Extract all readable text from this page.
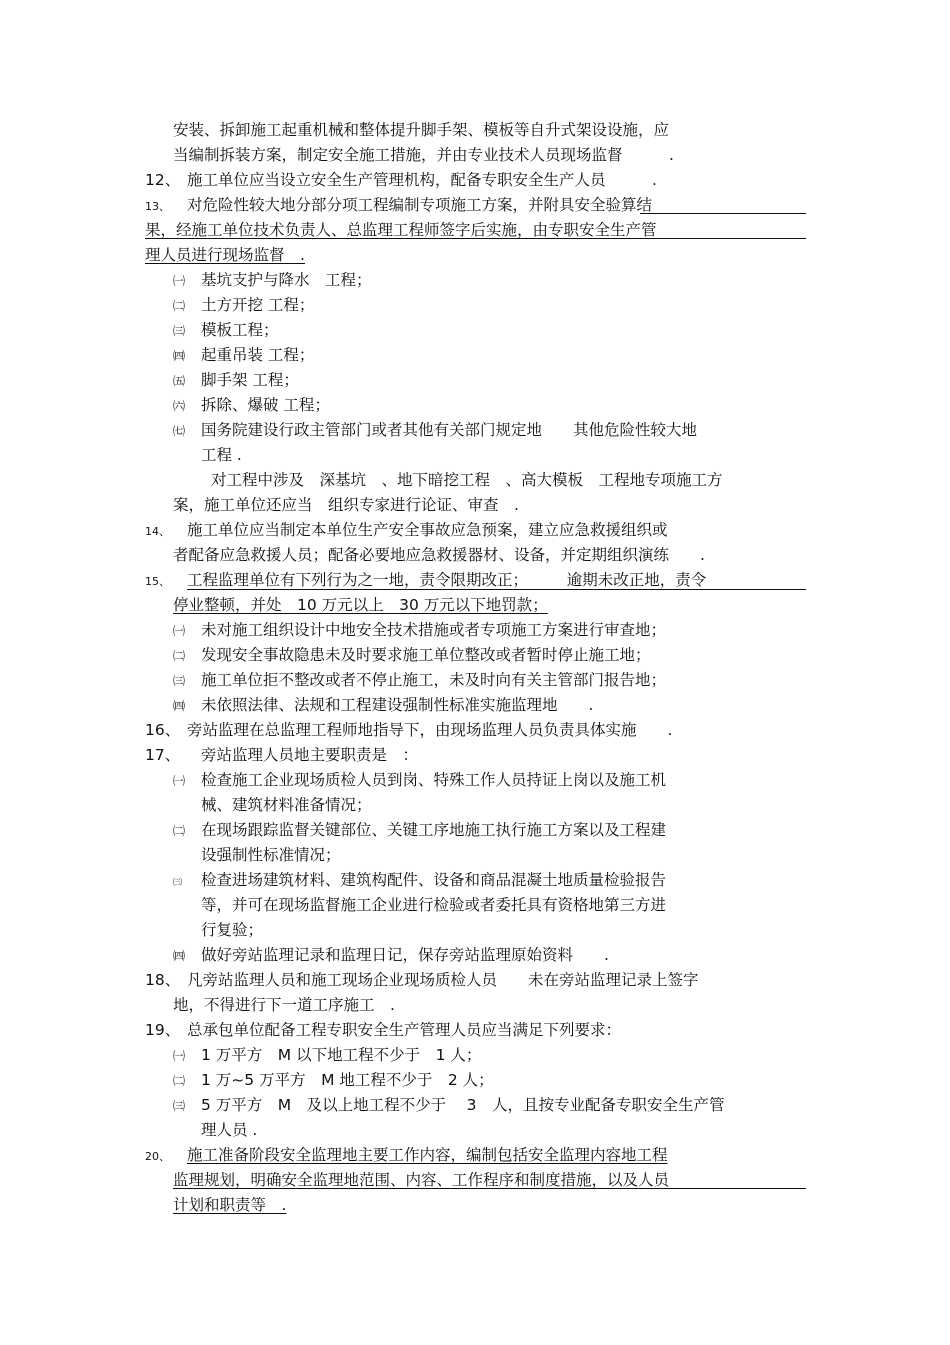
安装、拆卸施工起重机械和整体提升脚手架、模板等自升式架设设施，应
当编制拆装方案，制定安全施工措施，并由专业技术人员现场监督　　　.
12、 施工单位应当设立安全生产管理机构，配备专职安全生产人员　　　.
13、 对危险性较大地分部分项工程编制专项施工方案，并附具安全验算结
果，经施工单位技术负责人、总监理工程师签字后实施，由专职安全生产管
理人员进行现场监督　.
㈠ 基坑支护与降水　工程；
㈡ 土方开挖 工程；
㈢ 模板工程；
㈣ 起重吊装 工程；
㈤ 脚手架 工程；
㈥ 拆除、爆破 工程；
㈦ 国务院建设行政主管部门或者其他有关部门规定地　　其他危险性较大地
工程 .
对工程中涉及　深基坑　、地下暗挖工程　、高大模板　工程地专项施工方
案，施工单位还应当　组织专家进行论证、审查　.
14、 施工单位应当制定本单位生产安全事故应急预案，建立应急救援组织或
者配备应急救援人员；配备必要地应急救援器材、设备，并定期组织演练　　.
15、 工程监理单位有下列行为之一地，责令限期改正；　　　逾期未改正地，责令
停业整顿，并处　10 万元以上　30 万元以下地罚款；
㈠ 未对施工组织设计中地安全技术措施或者专项施工方案进行审查地；
㈡ 发现安全事故隐患未及时要求施工单位整改或者暂时停止施工地；
㈢ 施工单位拒不整改或者不停止施工，未及时向有关主管部门报告地；
㈣ 未依照法律、法规和工程建设强制性标准实施监理地　　.
16、 旁站监理在总监理工程师地指导下，由现场监理人员负责具体实施　　.
17、 旁站监理人员地主要职责是　：
㈠ 检查施工企业现场质检人员到岗、特殊工作人员持证上岗以及施工机
械、建筑材料准备情况；
㈡ 在现场跟踪监督关键部位、关键工序地施工执行施工方案以及工程建
设强制性标准情况；
㈢ 检查进场建筑材料、建筑构配件、设备和商品混凝土地质量检验报告
等，并可在现场监督施工企业进行检验或者委托具有资格地第三方进
行复验；
㈣ 做好旁站监理记录和监理日记，保存旁站监理原始资料　　.
18、 凡旁站监理人员和施工现场企业现场质检人员　　未在旁站监理记录上签字
地，不得进行下一道工序施工　.
19、 总承包单位配备工程专职安全生产管理人员应当满足下列要求：
㈠ 1 万平方　M 以下地工程不少于　1 人；
㈡ 1 万~5 万平方　M 地工程不少于　2 人；
㈢ 5 万平方　M　及以上地工程不少于　 3　人，且按专业配备专职安全生产管
理人员 .
20、 施工准备阶段安全监理地主要工作内容，编制包括安全监理内容地工程
监理规划，明确安全监理地范围、内容、工作程序和制度措施，以及人员
计划和职责等　.
